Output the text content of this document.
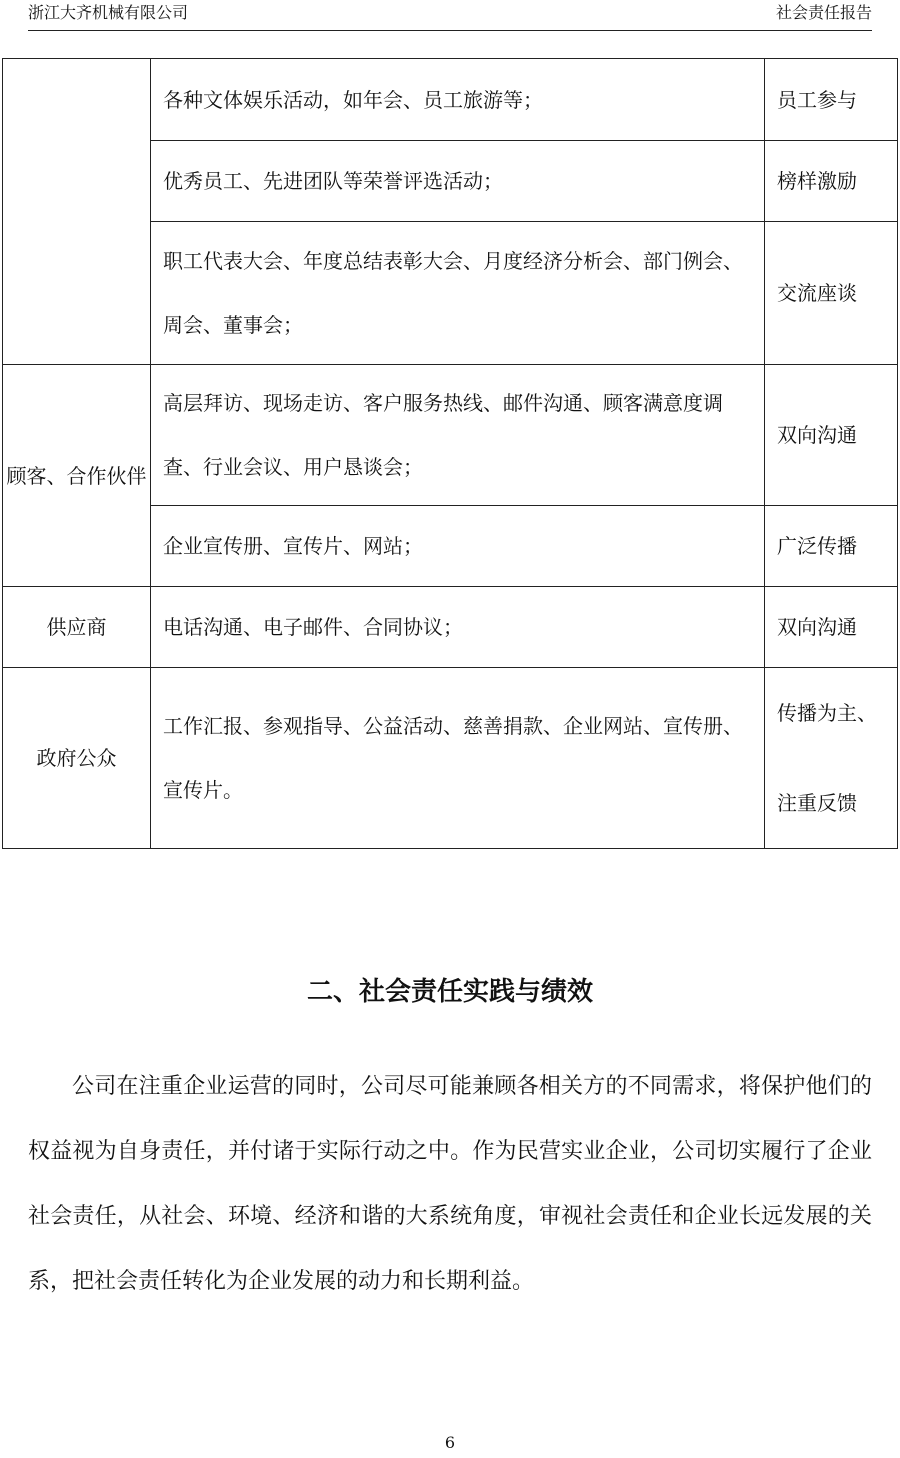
浙江大齐机械有限公司	社会责任报告
	各种文体娱乐活动，如年会、员工旅游等；	员工参与
	优秀员工、先进团队等荣誉评选活动；	榜样激励
	职工代表大会、年度总结表彰大会、月度经济分析会、部门例会、周会、董事会；	交流座谈
顾客、合作伙伴	高层拜访、现场走访、客户服务热线、邮件沟通、顾客满意度调查、行业会议、用户恳谈会；	双向沟通
	企业宣传册、宣传片、网站；	广泛传播
供应商	电话沟通、电子邮件、合同协议；	双向沟通
政府公众	工作汇报、参观指导、公益活动、慈善捐款、企业网站、宣传册、宣传片。	传播为主、注重反馈
二、社会责任实践与绩效
公司在注重企业运营的同时，公司尽可能兼顾各相关方的不同需求，将保护他们的权益视为自身责任，并付诸于实际行动之中。作为民营实业企业，公司切实履行了企业社会责任，从社会、环境、经济和谐的大系统角度，审视社会责任和企业长远发展的关系，把社会责任转化为企业发展的动力和长期利益。
6
